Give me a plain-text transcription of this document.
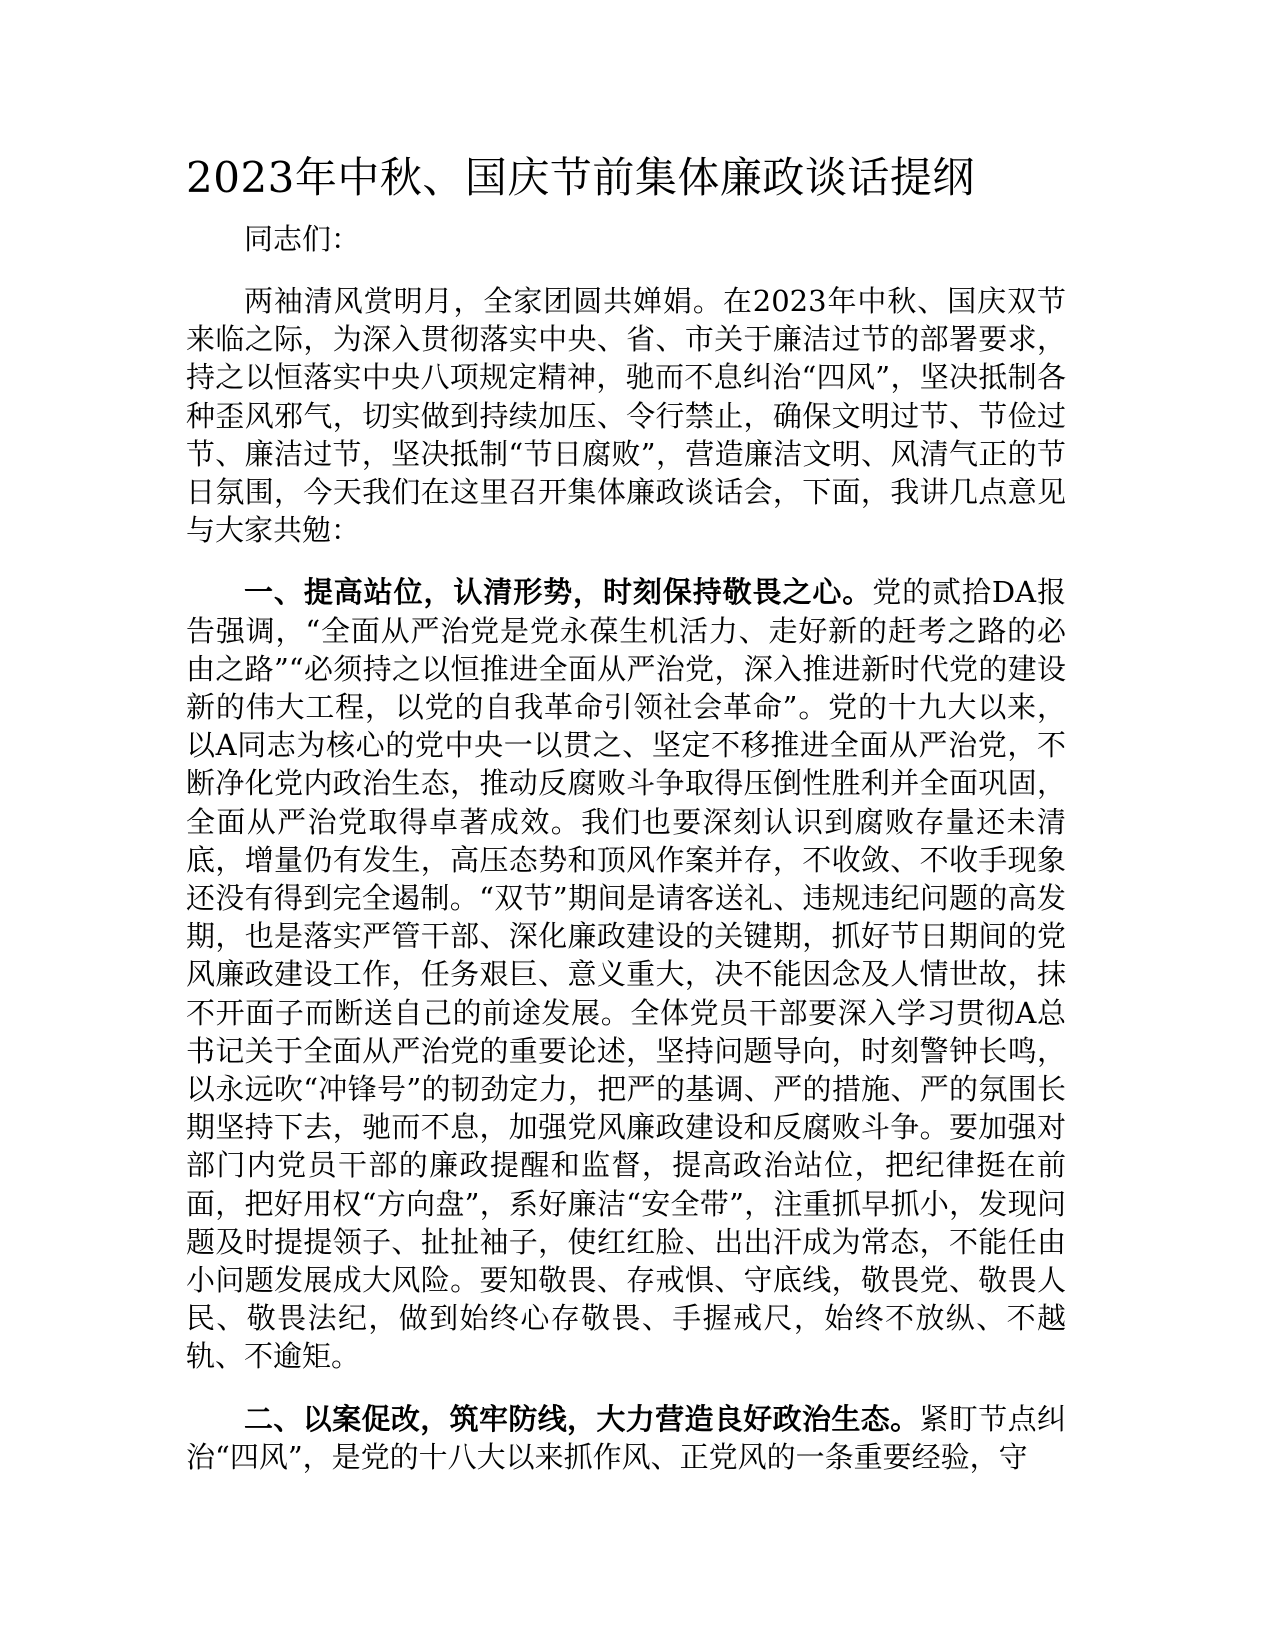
2023年中秋、国庆节前集体廉政谈话提纲

同志们：

两袖清风赏明月，全家团圆共婵娟。在2023年中秋、国庆双节来临之际，为深入贯彻落实中央、省、市关于廉洁过节的部署要求，持之以恒落实中央八项规定精神，驰而不息纠治“四风”，坚决抵制各种歪风邪气，切实做到持续加压、令行禁止，确保文明过节、节俭过节、廉洁过节，坚决抵制“节日腐败”，营造廉洁文明、风清气正的节日氛围，今天我们在这里召开集体廉政谈话会，下面，我讲几点意见与大家共勉：

一、提高站位，认清形势，时刻保持敬畏之心。党的贰拾DA报告强调，“全面从严治党是党永葆生机活力、走好新的赶考之路的必由之路”“必须持之以恒推进全面从严治党，深入推进新时代党的建设新的伟大工程，以党的自我革命引领社会革命”。党的十九大以来，以A同志为核心的党中央一以贯之、坚定不移推进全面从严治党，不断净化党内政治生态，推动反腐败斗争取得压倒性胜利并全面巩固，全面从严治党取得卓著成效。我们也要深刻认识到腐败存量还未清底，增量仍有发生，高压态势和顶风作案并存，不收敛、不收手现象还没有得到完全遏制。“双节”期间是请客送礼、违规违纪问题的高发期，也是落实严管干部、深化廉政建设的关键期，抓好节日期间的党风廉政建设工作，任务艰巨、意义重大，决不能因念及人情世故，抹不开面子而断送自己的前途发展。全体党员干部要深入学习贯彻A总书记关于全面从严治党的重要论述，坚持问题导向，时刻警钟长鸣，以永远吹“冲锋号”的韧劲定力，把严的基调、严的措施、严的氛围长期坚持下去，驰而不息，加强党风廉政建设和反腐败斗争。要加强对部门内党员干部的廉政提醒和监督，提高政治站位，把纪律挺在前面，把好用权“方向盘”，系好廉洁“安全带”，注重抓早抓小，发现问题及时提提领子、扯扯袖子，使红红脸、出出汗成为常态，不能任由小问题发展成大风险。要知敬畏、存戒惧、守底线，敬畏党、敬畏人民、敬畏法纪，做到始终心存敬畏、手握戒尺，始终不放纵、不越轨、不逾矩。

二、以案促改，筑牢防线，大力营造良好政治生态。紧盯节点纠治“四风”，是党的十八大以来抓作风、正党风的一条重要经验，守
